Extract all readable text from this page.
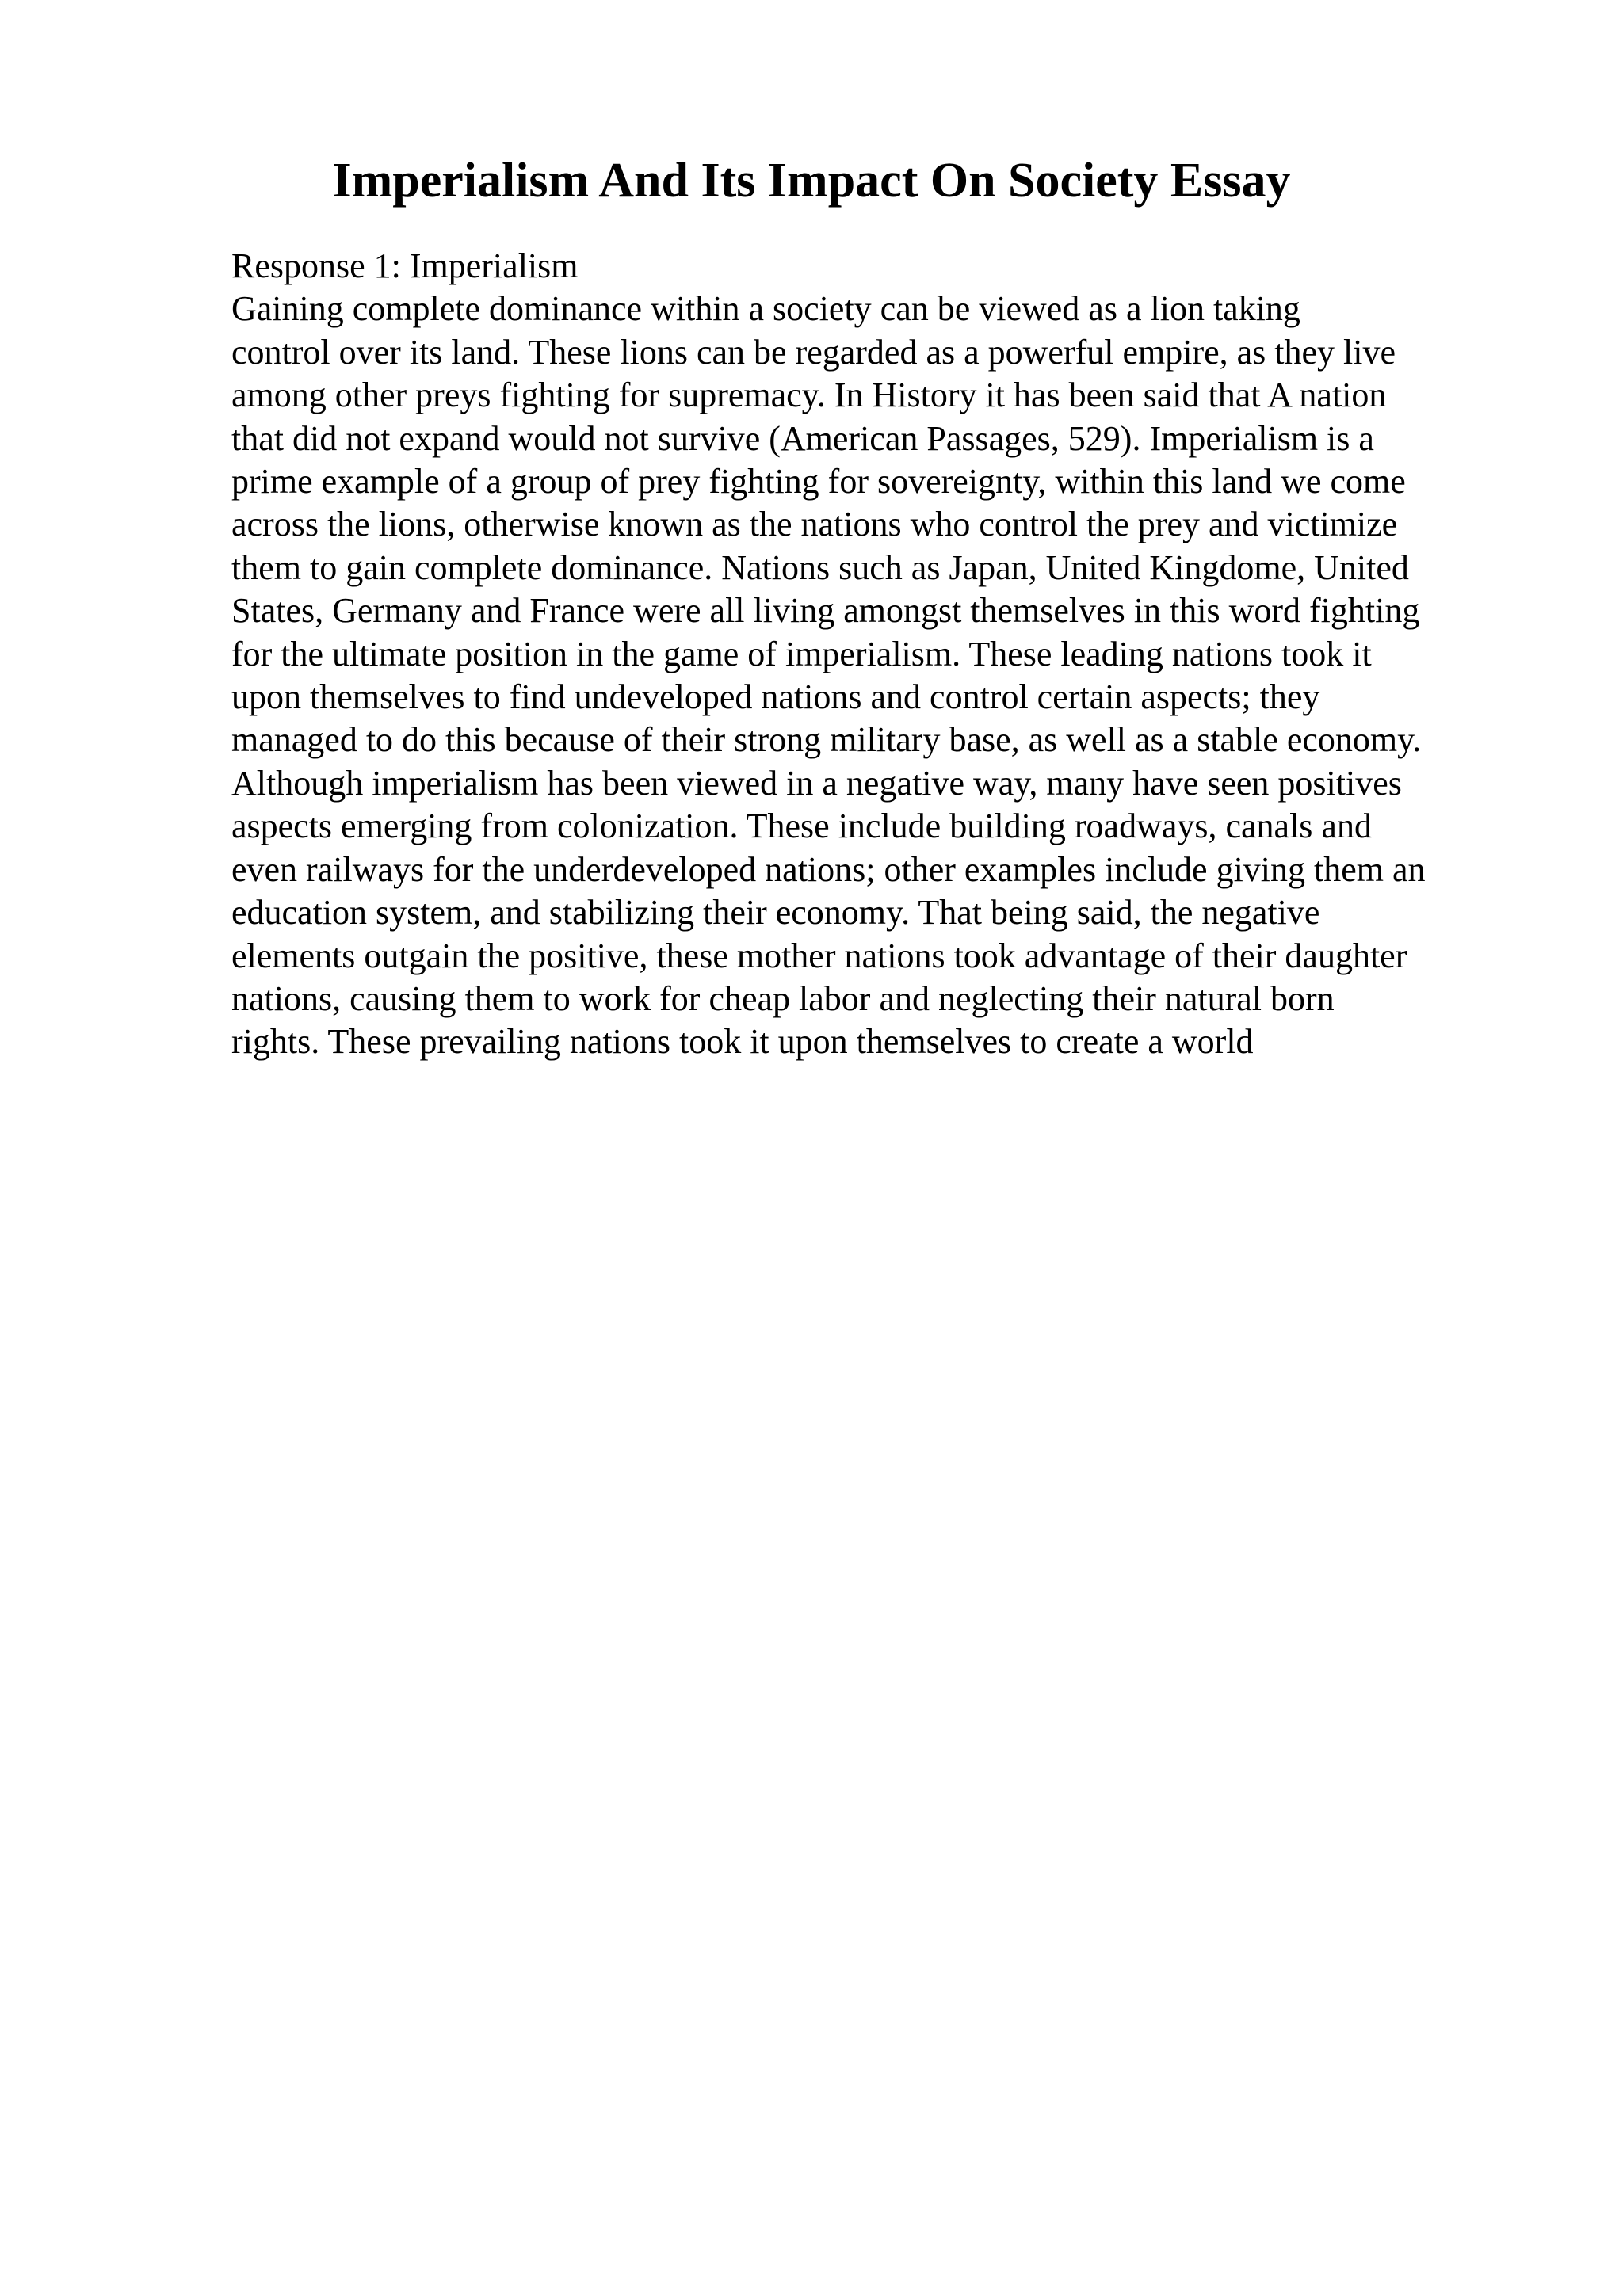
Imperialism And Its Impact On Society Essay
Response 1: Imperialism
Gaining complete dominance within a society can be viewed as a lion taking
control over its land. These lions can be regarded as a powerful empire, as they live
among other preys fighting for supremacy. In History it has been said that A nation
that did not expand would not survive (American Passages, 529). Imperialism is a
prime example of a group of prey fighting for sovereignty, within this land we come
across the lions, otherwise known as the nations who control the prey and victimize
them to gain complete dominance. Nations such as Japan, United Kingdome, United
States, Germany and France were all living amongst themselves in this word fighting
for the ultimate position in the game of imperialism. These leading nations took it
upon themselves to find undeveloped nations and control certain aspects; they
managed to do this because of their strong military base, as well as a stable economy.
Although imperialism has been viewed in a negative way, many have seen positives
aspects emerging from colonization. These include building roadways, canals and
even railways for the underdeveloped nations; other examples include giving them an
education system, and stabilizing their economy. That being said, the negative
elements outgain the positive, these mother nations took advantage of their daughter
nations, causing them to work for cheap labor and neglecting their natural born
rights. These prevailing nations took it upon themselves to create a world
